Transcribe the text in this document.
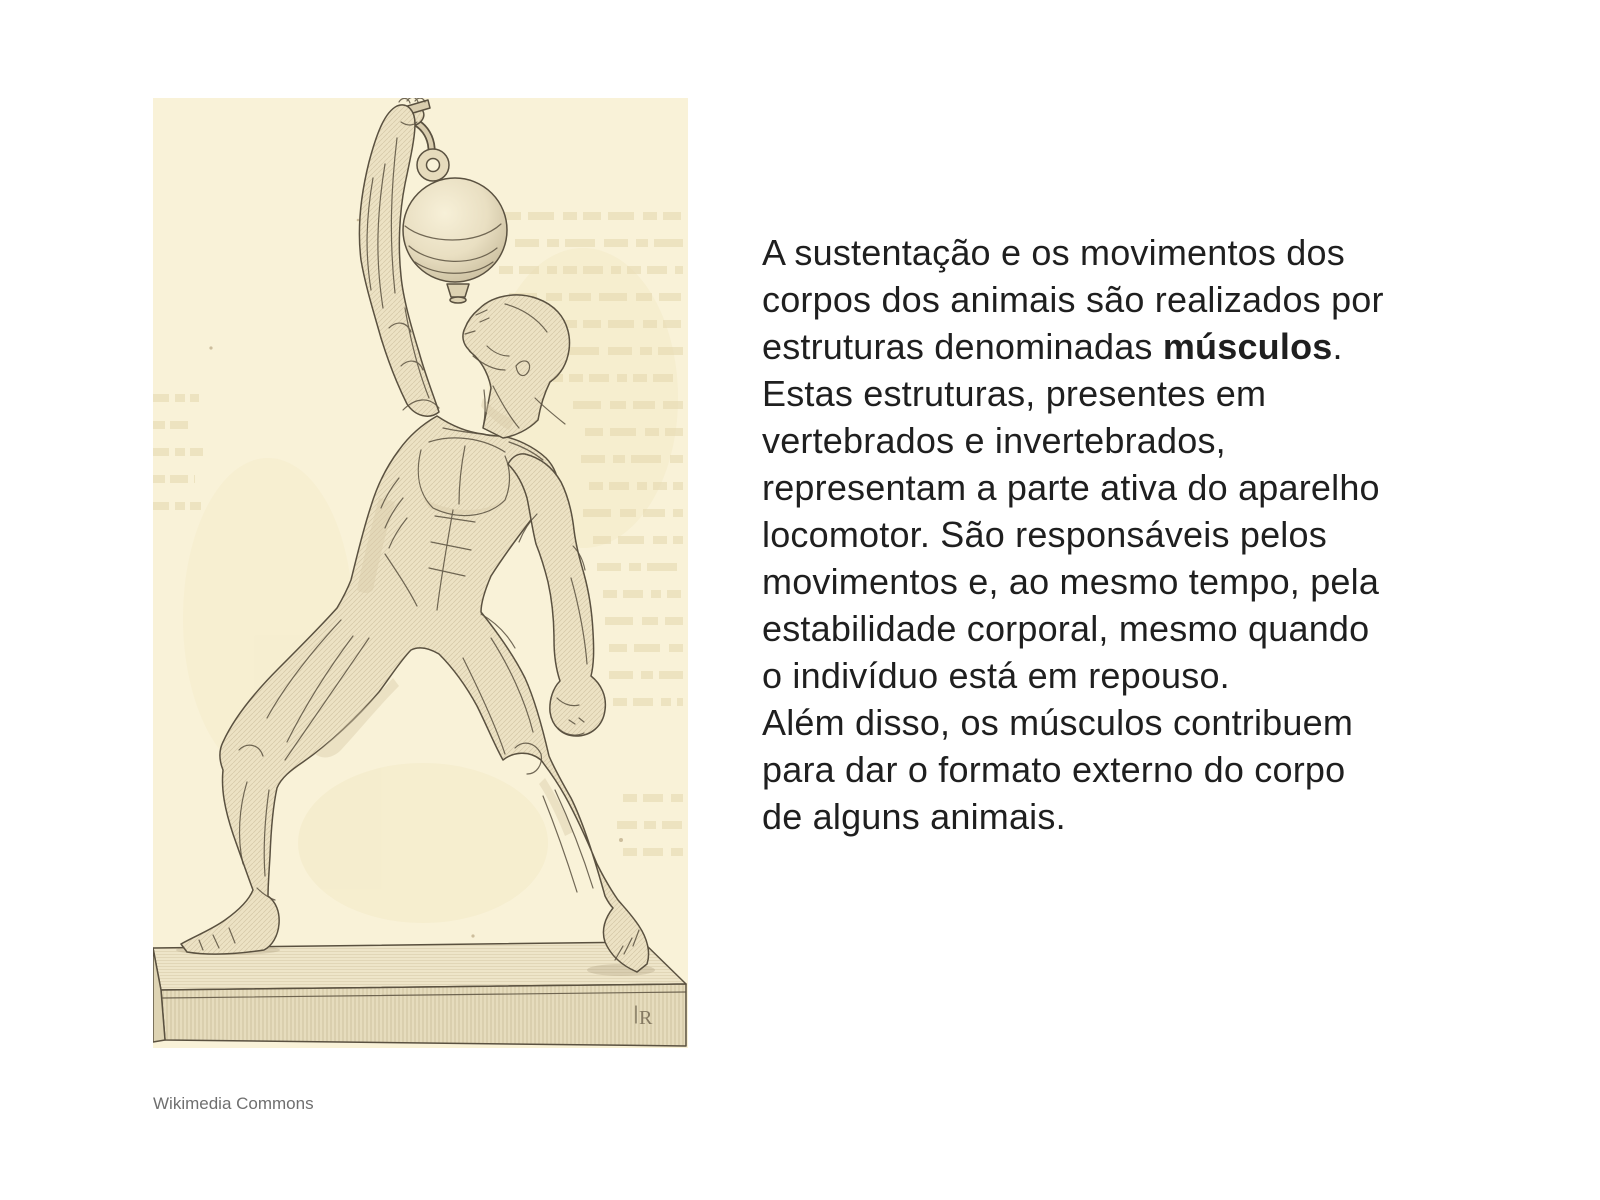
R
Wikimedia Commons
A sustentação e os movimentos dos
corpos dos animais são realizados por
estruturas denominadas músculos.
Estas estruturas, presentes em
vertebrados e invertebrados,
representam a parte ativa do aparelho
locomotor. São responsáveis pelos
movimentos e, ao mesmo tempo, pela
estabilidade corporal, mesmo quando
o indivíduo está em repouso.
Além disso, os músculos contribuem
para dar o formato externo do corpo
de alguns animais.
